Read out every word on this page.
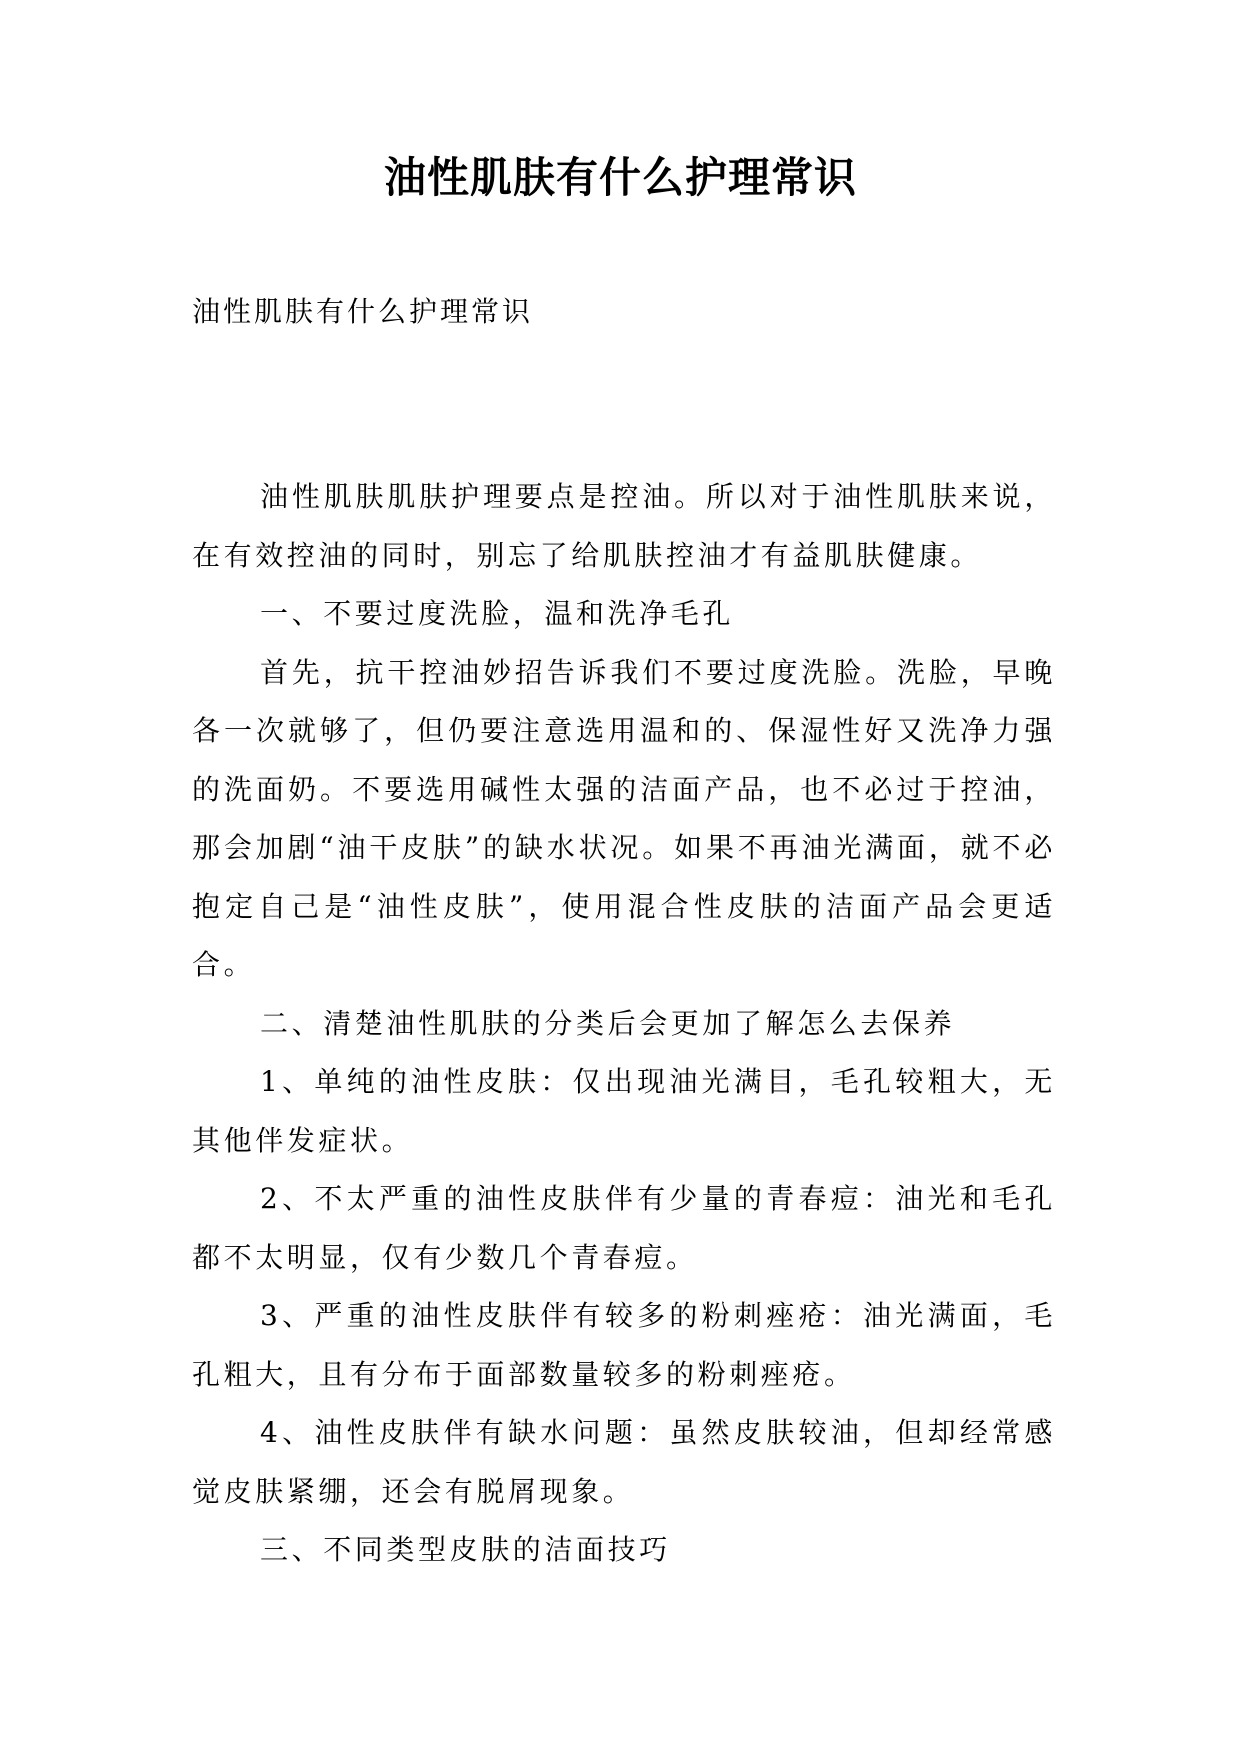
油性肌肤有什么护理常识
油性肌肤有什么护理常识

油性肌肤肌肤护理要点是控油。所以对于油性肌肤来说，在有效控油的同时，别忘了给肌肤控油才有益肌肤健康。

一、不要过度洗脸，温和洗净毛孔

首先，抗干控油妙招告诉我们不要过度洗脸。洗脸，早晚各一次就够了，但仍要注意选用温和的、保湿性好又洗净力强的洗面奶。不要选用碱性太强的洁面产品，也不必过于控油，那会加剧“油干皮肤”的缺水状况。如果不再油光满面，就不必抱定自己是“油性皮肤”，使用混合性皮肤的洁面产品会更适合。

二、清楚油性肌肤的分类后会更加了解怎么去保养

1、单纯的油性皮肤：仅出现油光满目，毛孔较粗大，无其他伴发症状。

2、不太严重的油性皮肤伴有少量的青春痘：油光和毛孔都不太明显，仅有少数几个青春痘。

3、严重的油性皮肤伴有较多的粉刺痤疮：油光满面，毛孔粗大，且有分布于面部数量较多的粉刺痤疮。

4、油性皮肤伴有缺水问题：虽然皮肤较油，但却经常感觉皮肤紧绷，还会有脱屑现象。

三、不同类型皮肤的洁面技巧
